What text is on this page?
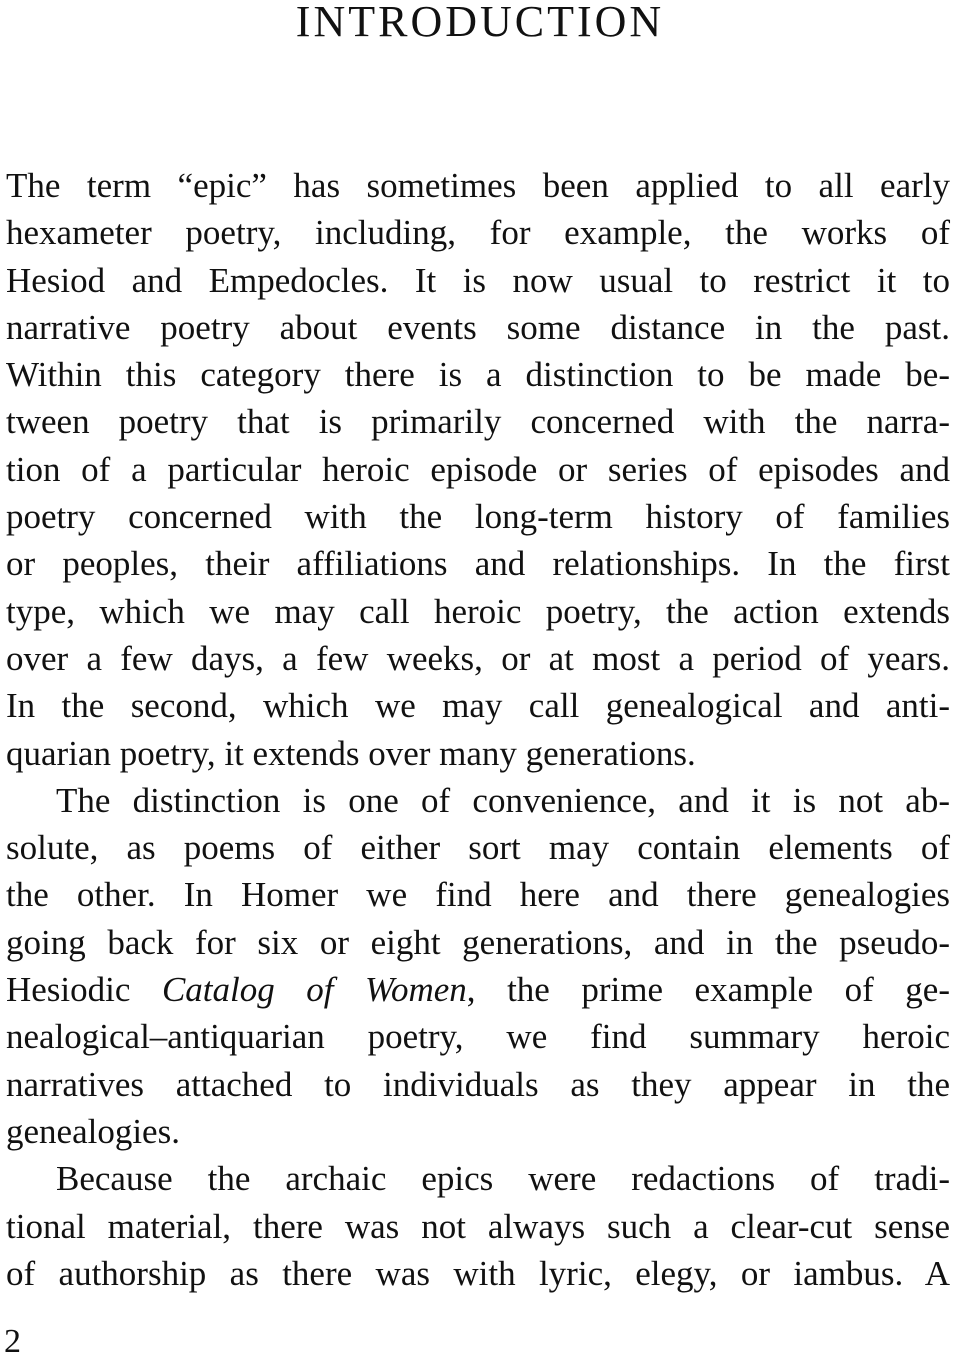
INTRODUCTION
The term “epic” has sometimes been applied to all early
hexameter poetry, including, for example, the works of
Hesiod and Empedocles. It is now usual to restrict it to
narrative poetry about events some distance in the past.
Within this category there is a distinction to be made be-
tween poetry that is primarily concerned with the narra-
tion of a particular heroic episode or series of episodes and
poetry concerned with the long-term history of families
or peoples, their affiliations and relationships. In the first
type, which we may call heroic poetry, the action extends
over a few days, a few weeks, or at most a period of years.
In the second, which we may call genealogical and anti-
quarian poetry, it extends over many generations.
The distinction is one of convenience, and it is not ab-
solute, as poems of either sort may contain elements of
the other. In Homer we find here and there genealogies
going back for six or eight generations, and in the pseudo-
Hesiodic Catalog of Women, the prime example of ge-
nealogical–antiquarian poetry, we find summary heroic
narratives attached to individuals as they appear in the
genealogies.
Because the archaic epics were redactions of tradi-
tional material, there was not always such a clear-cut sense
of authorship as there was with lyric, elegy, or iambus. A
2
